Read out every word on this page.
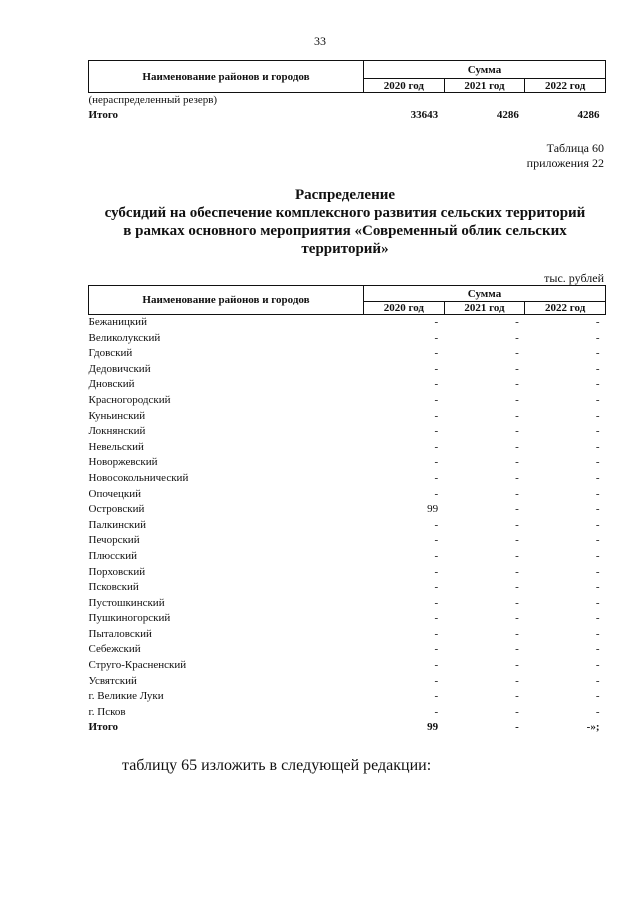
33
Наименование районов и городов	Сумма		
	2020 год	2021 год	2022 год
(нераспределенный резерв)			
Итого	33643	4286	4286
Таблица 60
приложения 22
Распределение
субсидий на обеспечение комплексного развития сельских территорий
в рамках основного мероприятия «Современный облик сельских
территорий»
тыс. рублей
Наименование районов и городов	Сумма		
	2020 год	2021 год	2022 год
Бежаницкий	-	-	-
Великолукский	-	-	-
Гдовский	-	-	-
Дедовичский	-	-	-
Дновский	-	-	-
Красногородский	-	-	-
Куньинский	-	-	-
Локнянский	-	-	-
Невельский	-	-	-
Новоржевский	-	-	-
Новосокольнический	-	-	-
Опочецкий	-	-	-
Островский	99	-	-
Палкинский	-	-	-
Печорский	-	-	-
Плюсский	-	-	-
Порховский	-	-	-
Псковский	-	-	-
Пустошкинский	-	-	-
Пушкиногорский	-	-	-
Пыталовский	-	-	-
Себежский	-	-	-
Струго-Красненский	-	-	-
Усвятский	-	-	-
г. Великие Луки	-	-	-
г. Псков	-	-	-
Итого	99	-	-»;
таблицу 65 изложить в следующей редакции:
